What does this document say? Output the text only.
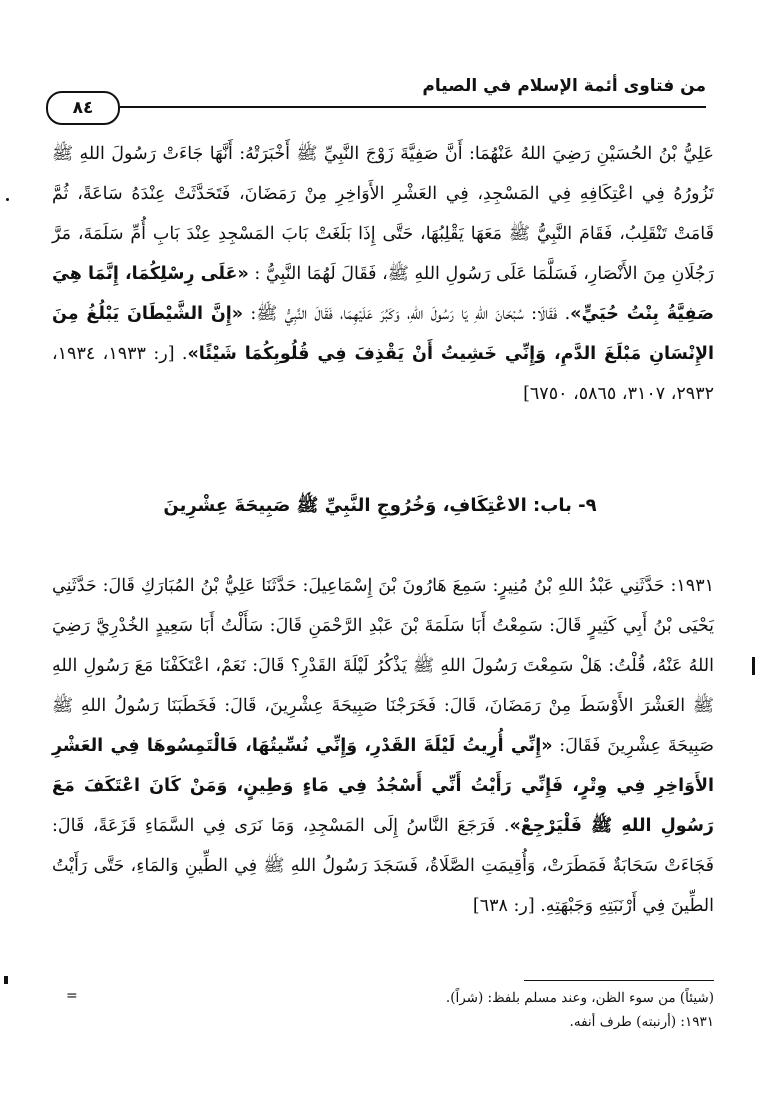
من فتاوى أئمة الإسلام في الصيام
٨٤
عَلِيُّ بْنُ الحُسَيْنِ رَضِيَ اللهُ عَنْهُمَا: أَنَّ صَفِيَّةَ زَوْجَ النَّبِيِّ ﷺ أَخْبَرَتْهُ: أَنَّهَا جَاءَتْ رَسُولَ اللهِ ﷺ تَزُورُهُ فِي اعْتِكَافِهِ فِي المَسْجِدِ، فِي العَشْرِ الأَوَاخِرِ مِنْ رَمَضَانَ، فَتَحَدَّثَتْ عِنْدَهُ سَاعَةً، ثُمَّ قَامَتْ تَنْقَلِبُ، فَقَامَ النَّبِيُّ ﷺ مَعَهَا يَقْلِبُهَا، حَتَّى إِذَا بَلَغَتْ بَابَ المَسْجِدِ عِنْدَ بَابِ أُمِّ سَلَمَةَ، مَرَّ رَجُلَانِ مِنَ الأَنْصَارِ، فَسَلَّمَا عَلَى رَسُولِ اللهِ ﷺ، فَقَالَ لَهُمَا النَّبِيُّ : «عَلَى رِسْلِكُمَا، إِنَّمَا هِيَ صَفِيَّةُ بِنْتُ حُيَيٍّ». فَقَالَا: سُبْحَانَ اللهِ يَا رَسُولَ اللهِ، وَكَبُرَ عَلَيْهِمَا، فَقَالَ النَّبِيُّ ﷺ: «إِنَّ الشَّيْطَانَ يَبْلُغُ مِنَ الإِنْسَانِ مَبْلَغَ الدَّمِ، وَإِنِّي خَشِيتُ أَنْ يَقْذِفَ فِي قُلُوبِكُمَا شَيْئًا». [ر: ١٩٣٣، ١٩٣٤، ٢٩٣٢، ٣١٠٧، ٥٨٦٥، ٦٧٥٠]
٩- باب: الاعْتِكَافِ، وَخُرُوجِ النَّبِيِّ ﷺ صَبِيحَةَ عِشْرِينَ
١٩٣١: حَدَّثَنِي عَبْدُ اللهِ بْنُ مُنِيرٍ: سَمِعَ هَارُونَ بْنَ إِسْمَاعِيلَ: حَدَّثَنَا عَلِيُّ بْنُ المُبَارَكِ قَالَ: حَدَّثَنِي يَحْيَى بْنُ أَبِي كَثِيرٍ قَالَ: سَمِعْتُ أَبَا سَلَمَةَ بْنَ عَبْدِ الرَّحْمَنِ قَالَ: سَأَلْتُ أَبَا سَعِيدٍ الخُدْرِيَّ رَضِيَ اللهُ عَنْهُ، قُلْتُ: هَلْ سَمِعْتَ رَسُولَ اللهِ ﷺ يَذْكُرُ لَيْلَةَ القَدْرِ؟ قَالَ: نَعَمْ، اعْتَكَفْنَا مَعَ رَسُولِ اللهِ ﷺ العَشْرَ الأَوْسَطَ مِنْ رَمَضَانَ، قَالَ: فَخَرَجْنَا صَبِيحَةَ عِشْرِينَ، قَالَ: فَخَطَبَنَا رَسُولُ اللهِ ﷺ صَبِيحَةَ عِشْرِينَ فَقَالَ: «إِنِّي أُرِيتُ لَيْلَةَ القَدْرِ، وَإِنِّي نُسِّيتُهَا، فَالْتَمِسُوهَا فِي العَشْرِ الأَوَاخِرِ فِي وِتْرٍ، فَإِنِّي رَأَيْتُ أَنِّي أَسْجُدُ فِي مَاءٍ وَطِينٍ، وَمَنْ كَانَ اعْتَكَفَ مَعَ رَسُولِ اللهِ ﷺ فَلْيَرْجِعْ». فَرَجَعَ النَّاسُ إِلَى المَسْجِدِ، وَمَا نَرَى فِي السَّمَاءِ قَزَعَةً، قَالَ: فَجَاءَتْ سَحَابَةٌ فَمَطَرَتْ، وَأُقِيمَتِ الصَّلَاةُ، فَسَجَدَ رَسُولُ اللهِ ﷺ فِي الطِّينِ وَالمَاءِ، حَتَّى رَأَيْتُ الطِّينَ فِي أَرْنَبَتِهِ وَجَبْهَتِهِ. [ر: ٦٣٨]
=	(شيئاً) من سوء الظن، وعند مسلم بلفظ: (شراً).
١٩٣١: (أرنبته) طرف أنفه.
